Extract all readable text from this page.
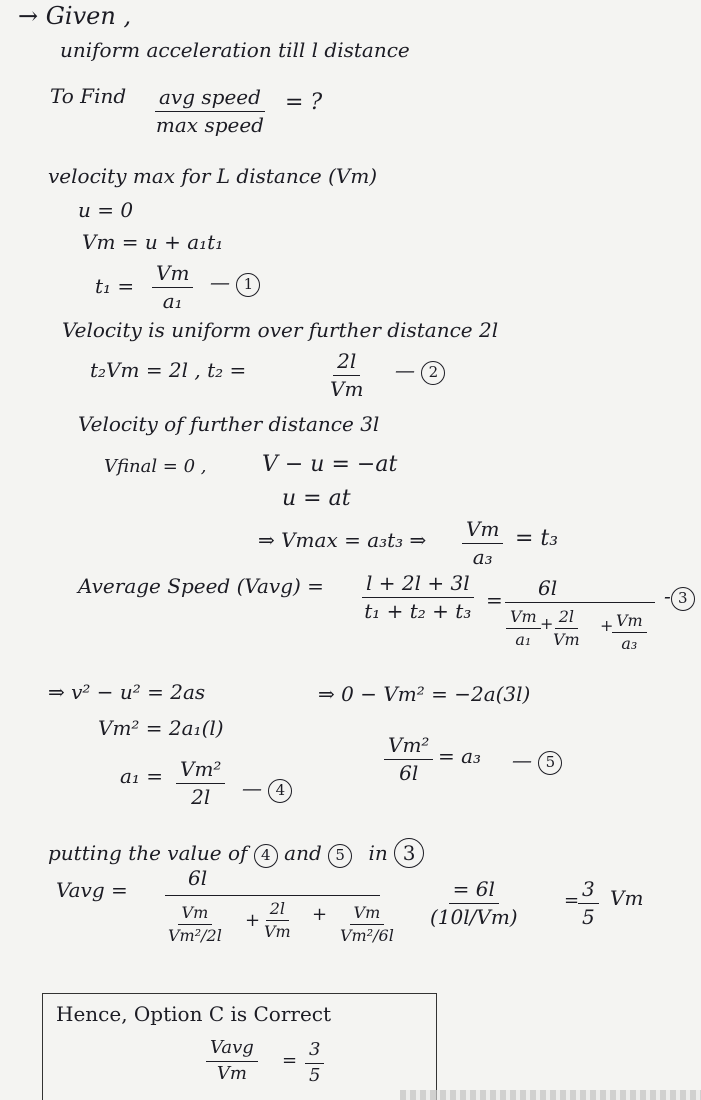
→ Given ,
uniform acceleration till l distance
To Find avg speed
max speed
= ?
velocity max for L distance (Vm)
u = 0
Vm = u + a₁t₁
$t_1 = \frac{Vm}{\text{a₁}}$ — 1
Velocity is uniform over further distance 2l
t₂Vm = 2l , t₂ =	$\frac{2l}{Vm}$ — 2
Velocity of further distance 3l
Vfinal = 0 ,	V − u = −at
u = at
⇒ Vmax = a₃t₃ ⇒ $\frac{Vm}{\text{a₃}} = t_3$
Average Speed (Vavg) = $\frac{l + 2l + 3l}{\text{t₁ + t₂ + t₃}} = 6l$
$\frac{Vm}{\text{a₁}} + \frac{2l}{Vm}$ +
$\frac{Vm}{\text{a₃}}$
- 3
⇒ v² − u² = 2as
Vm² = 2a₁(l)
$a_1 = \frac{\text{Vm²}}{2l}$ — 4
⇒ 0 − Vm² = −2a(3l)
$\frac{\text{Vm²}}{6l} = a_3$ — 5
putting the value of 4 and 5 in 3
Vavg =	6l
$\frac{Vm}{\text{Vm²/2l}} + \frac{2l}{Vm} + \frac{Vm}{\text{Vm²/6l}} \frac{= 6l}{(10l/Vm)}$	=
$\frac{3}{5}$ Vm
Hence, Option C is Correct
Vavg
Vm
= $\frac{3}{5}$
